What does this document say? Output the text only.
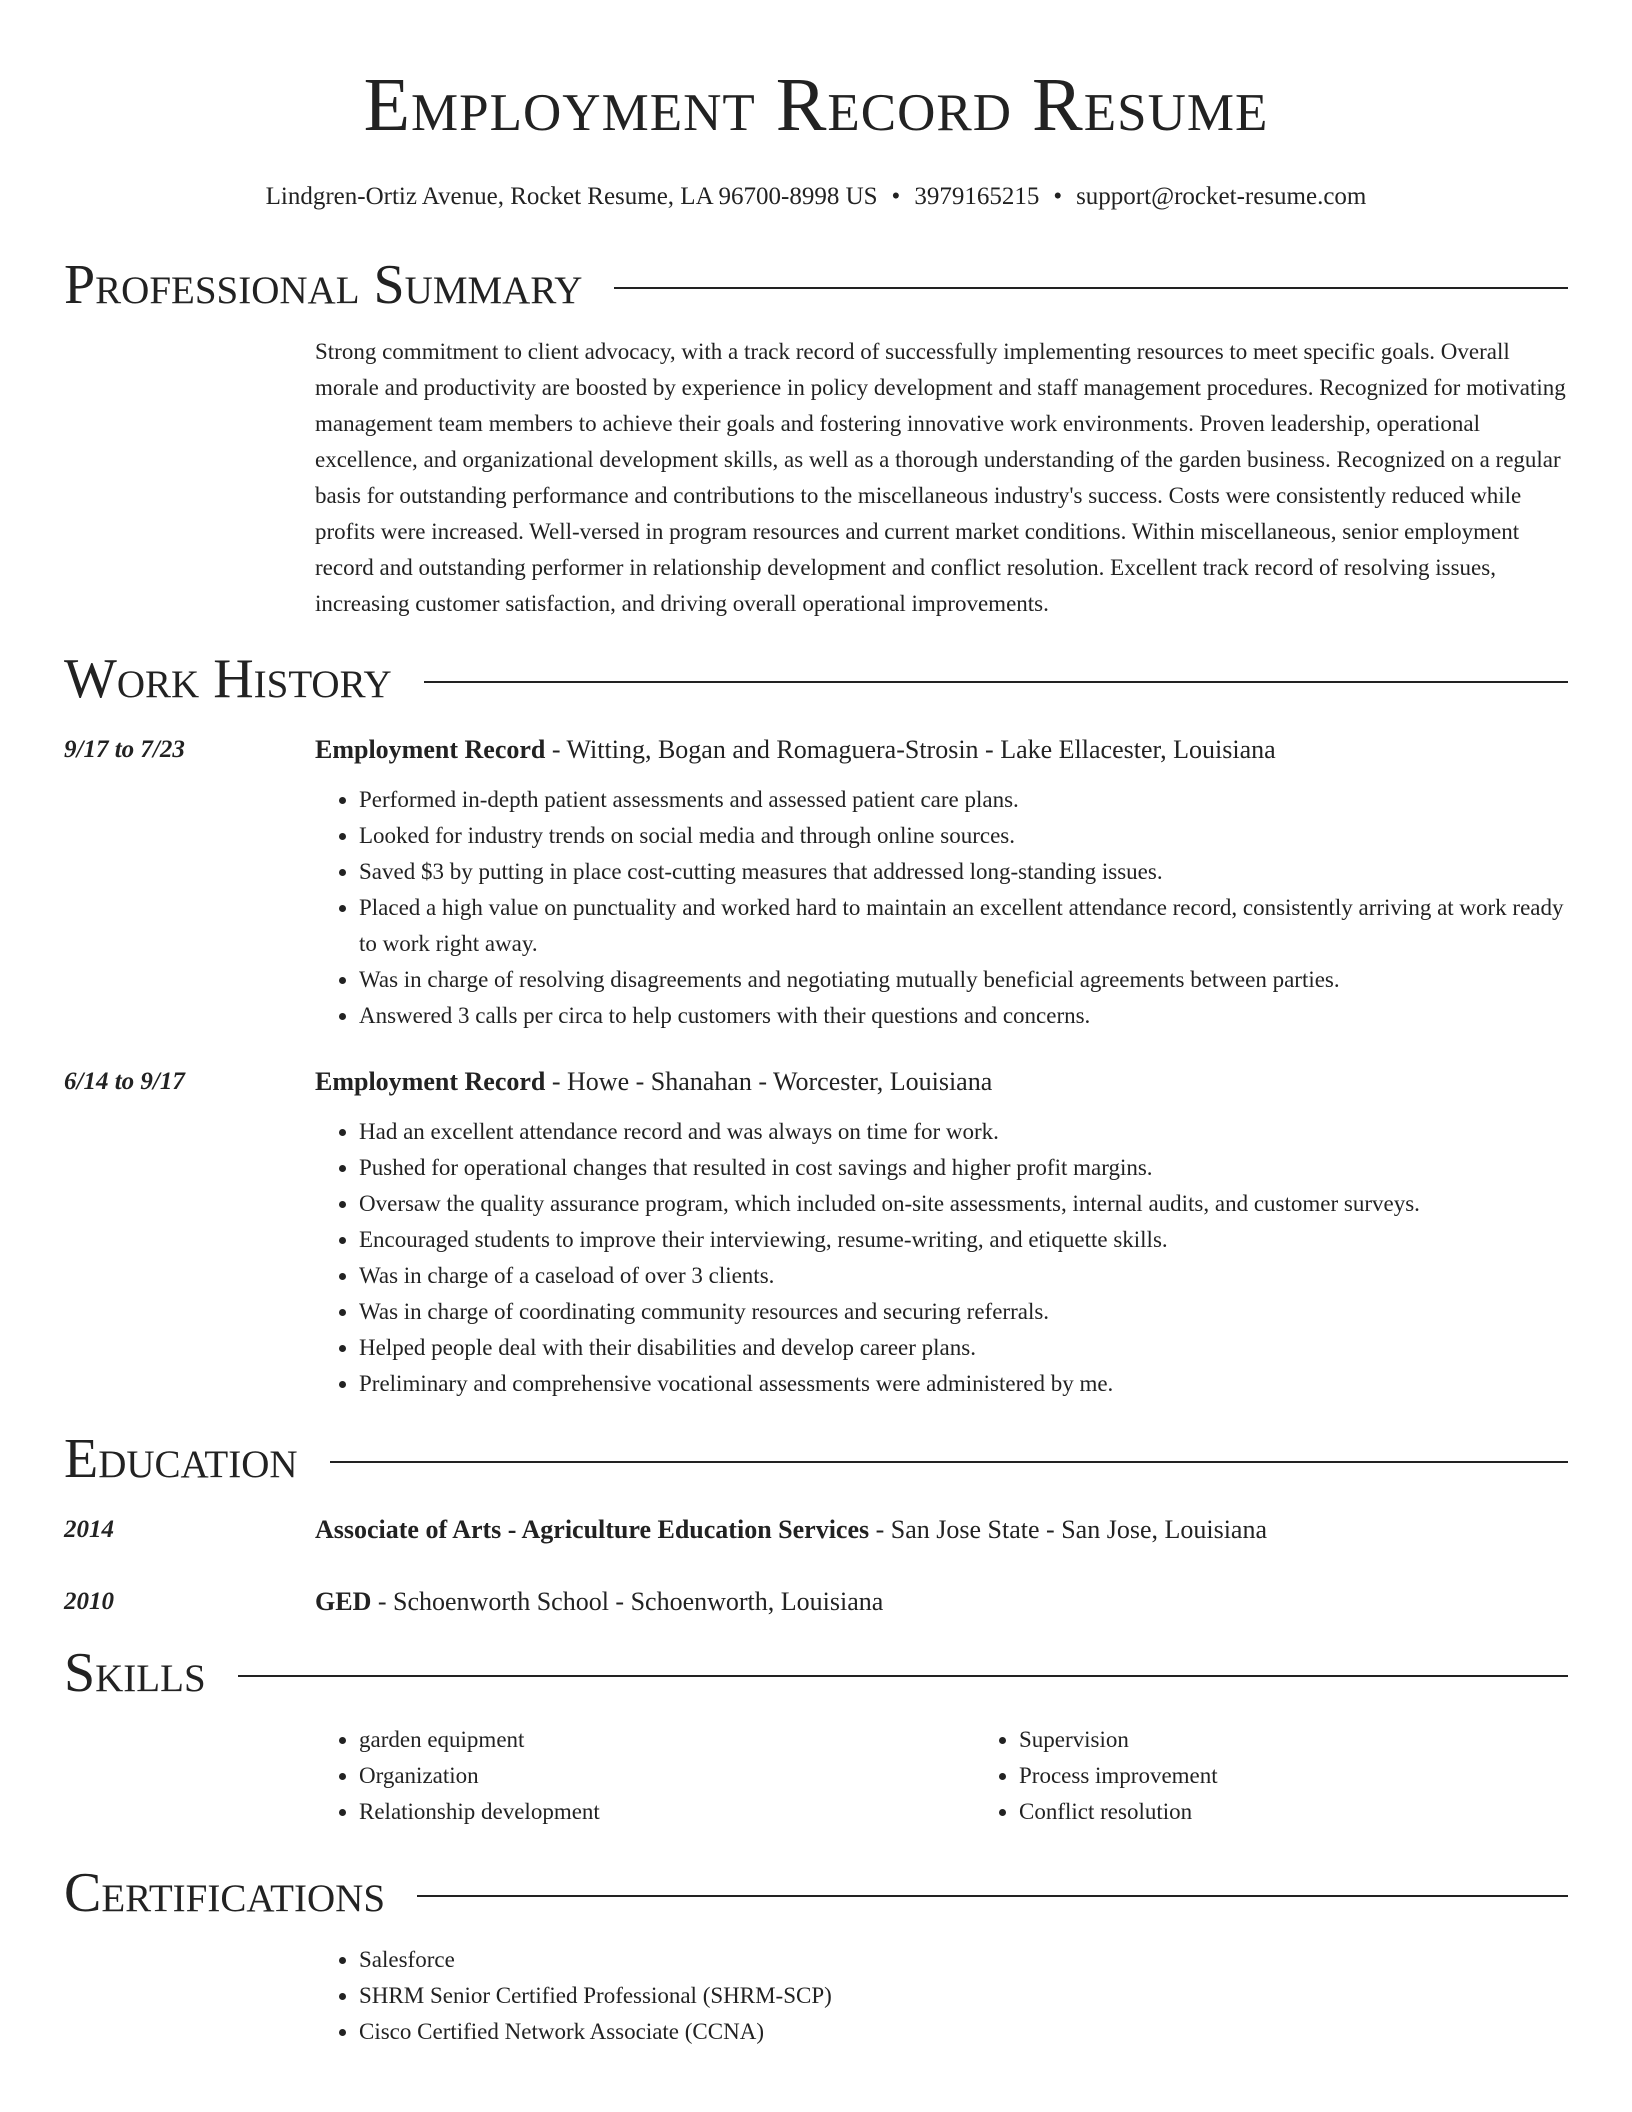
Employment Record Resume
Lindgren-Ortiz Avenue, Rocket Resume, LA 96700-8998 US • 3979165215 • support@rocket-resume.com
Professional Summary
Strong commitment to client advocacy, with a track record of successfully implementing resources to meet specific goals. Overall morale and productivity are boosted by experience in policy development and staff management procedures. Recognized for motivating management team members to achieve their goals and fostering innovative work environments. Proven leadership, operational excellence, and organizational development skills, as well as a thorough understanding of the garden business. Recognized on a regular basis for outstanding performance and contributions to the miscellaneous industry's success. Costs were consistently reduced while profits were increased. Well-versed in program resources and current market conditions. Within miscellaneous, senior employment record and outstanding performer in relationship development and conflict resolution. Excellent track record of resolving issues, increasing customer satisfaction, and driving overall operational improvements.
Work History
9/17 to 7/23	Employment Record - Witting, Bogan and Romaguera-Strosin - Lake Ellacester, Louisiana
• Performed in-depth patient assessments and assessed patient care plans.
• Looked for industry trends on social media and through online sources.
• Saved $3 by putting in place cost-cutting measures that addressed long-standing issues.
• Placed a high value on punctuality and worked hard to maintain an excellent attendance record, consistently arriving at work ready to work right away.
• Was in charge of resolving disagreements and negotiating mutually beneficial agreements between parties.
• Answered 3 calls per circa to help customers with their questions and concerns.
6/14 to 9/17	Employment Record - Howe - Shanahan - Worcester, Louisiana
• Had an excellent attendance record and was always on time for work.
• Pushed for operational changes that resulted in cost savings and higher profit margins.
• Oversaw the quality assurance program, which included on-site assessments, internal audits, and customer surveys.
• Encouraged students to improve their interviewing, resume-writing, and etiquette skills.
• Was in charge of a caseload of over 3 clients.
• Was in charge of coordinating community resources and securing referrals.
• Helped people deal with their disabilities and develop career plans.
• Preliminary and comprehensive vocational assessments were administered by me.
Education
2014	Associate of Arts - Agriculture Education Services - San Jose State - San Jose, Louisiana
2010	GED - Schoenworth School - Schoenworth, Louisiana
Skills
• garden equipment
• Organization
• Relationship development
• Supervision
• Process improvement
• Conflict resolution
Certifications
• Salesforce
• SHRM Senior Certified Professional (SHRM-SCP)
• Cisco Certified Network Associate (CCNA)
